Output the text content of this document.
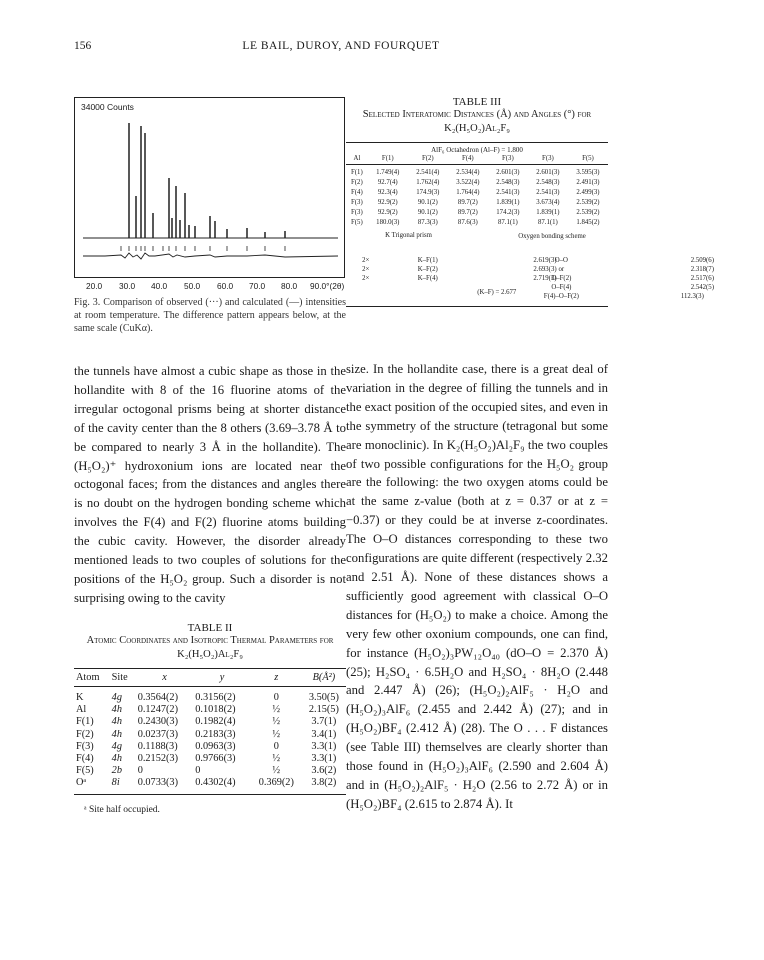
156	LE BAIL, DUROY, AND FOURQUET
34000 Counts
20.0 30.0 40.0 50.0 60.0 70.0 80.0 90.0°(2θ)
Fig. 3. Comparison of observed (···) and calculated (—) intensities at room temperature. The difference pattern appears below, at the same scale (CuKα).
TABLE III
Selected Interatomic Distances (Å) and Angles (°) for K₂(H₅O₂)Al₂F₉
AlF₆ Octahedron (Al–F) = 1.800
Al	F(1)	F(2)	F(4)	F(3)	F(3)	F(5)

F(1)	1.749(4)	2.541(4)	2.534(4)	2.601(3)	2.601(3)	3.595(3)
F(2)	92.7(4)	1.762(4)	3.522(4)	2.548(3)	2.548(3)	2.491(3)
F(4)	92.3(4)	174.9(3)	1.764(4)	2.541(3)	2.541(3)	2.499(3)
F(3)	92.9(2)	90.1(2)	89.7(2)	1.839(1)	3.673(4)	2.539(2)
F(3)	92.9(2)	90.1(2)	89.7(2)	174.2(3)	1.839(1)	2.539(2)
F(5)	180.0(3)	87.3(3)	87.6(3)	87.1(1)	87.1(1)	1.845(2)
K Trigonal prism	Oxygen bonding scheme
2×	K–F(1)	2.619(3)
2×	K–F(2)	2.693(3)
2×	K–F(4)	2.719(3)
	(K–F) = 2.677	
O–O	2.509(6)
or	2.318(7)
O–F(2)	2.517(6)
O–F(4)	2.542(5)
F(4)–O–F(2)	112.3(3)

the tunnels have almost a cubic shape as those in the hollandite with 8 of the 16 fluorine atoms of the irregular octogonal prisms being at shorter distance of the cavity center than the 8 others (3.69–3.78 Å to be compared to nearly 3 Å in the hollandite). The (H₅O₂)⁺ hydroxonium ions are located near the octogonal faces; from the distances and angles there is no doubt on the hydrogen bonding scheme which involves the F(4) and F(2) fluorine atoms building the cubic cavity. However, the disorder already mentioned leads to two couples of solutions for the positions of the H₅O₂ group. Such a disorder is not surprising owing to the cavity

TABLE II
Atomic Coordinates and Isotropic Thermal Parameters for K₂(H₅O₂)Al₂F₉
Atom	Site	x	y	z	B(Å²)

K	4g	0.3564(2)	0.3156(2)	0	3.50(5)
Al	4h	0.1247(2)	0.1018(2)	½	2.15(5)
F(1)	4h	0.2430(3)	0.1982(4)	½	3.7(1)
F(2)	4h	0.0237(3)	0.2183(3)	½	3.4(1)
F(3)	4g	0.1188(3)	0.0963(3)	0	3.3(1)
F(4)	4h	0.2152(3)	0.9766(3)	½	3.3(1)
F(5)	2b	0	0	½	3.6(2)
Oᵃ	8i	0.0733(3)	0.4302(4)	0.369(2)	3.8(2)
ᵃ Site half occupied.

size. In the hollandite case, there is a great deal of variation in the degree of filling the tunnels and in the exact position of the occupied sites, and even in the symmetry of the structure (tetragonal but some are monoclinic). In K₂(H₅O₂)Al₂F₉ the two couples of two possible configurations for the H₅O₂ group are the following: the two oxygen atoms could be at the same z-value (both at z = 0.37 or at z = −0.37) or they could be at inverse z-coordinates. The O–O distances corresponding to these two configurations are quite different (respectively 2.32 and 2.51 Å). None of these distances shows a sufficiently good agreement with classical O–O distances for (H₅O₂) to make a choice. Among the very few other oxonium compounds, one can find, for instance (H₅O₂)₃PW₁₂O₄₀ (dO–O = 2.370 Å) (25); H₂SO₄ · 6.5H₂O and H₂SO₄ · 8H₂O (2.448 and 2.447 Å) (26); (H₅O₂)₂AlF₅ · H₂O and (H₅O₂)₃AlF₆ (2.455 and 2.442 Å) (27); and in (H₅O₂)BF₄ (2.412 Å) (28). The O . . . F distances (see Table III) themselves are clearly shorter than those found in (H₅O₂)₃AlF₆ (2.590 and 2.604 Å) and in (H₅O₂)₂AlF₅ · H₂O (2.56 to 2.72 Å) or in (H₅O₂)BF₄ (2.615 to 2.874 Å). It
